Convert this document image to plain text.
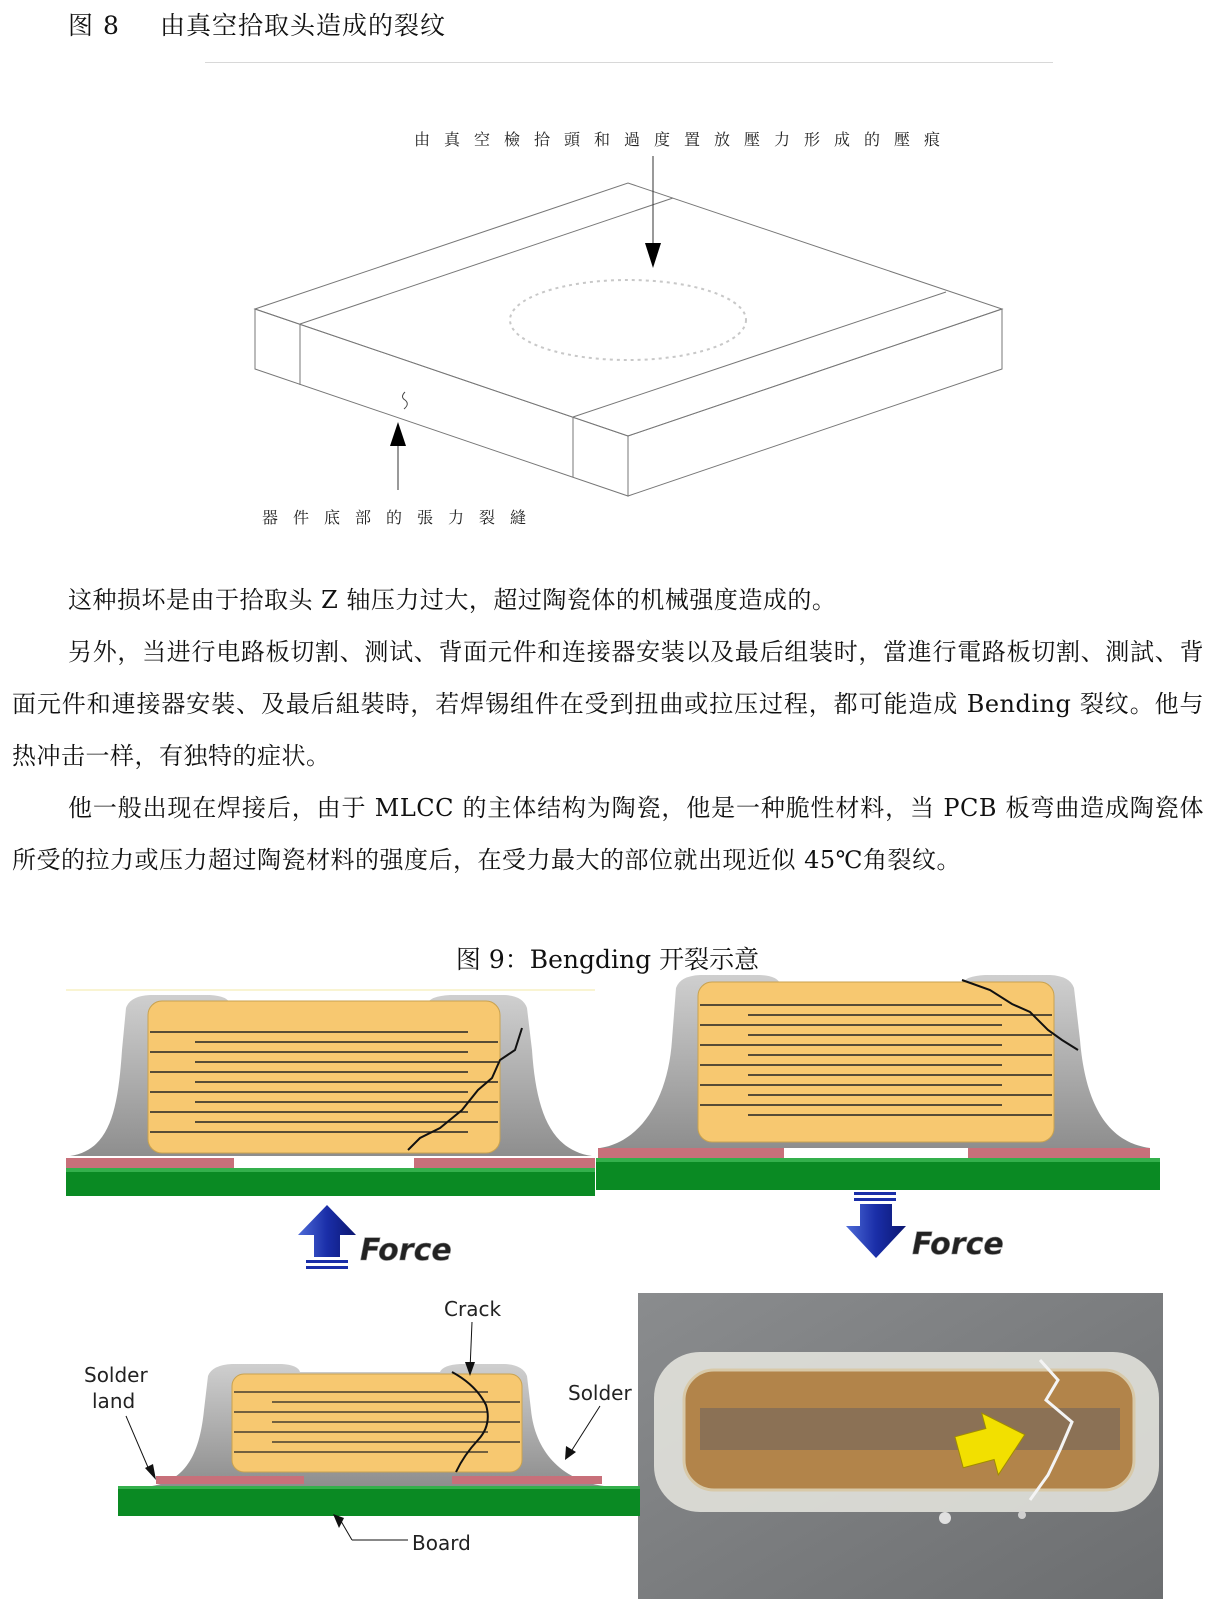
图 8 由真空拾取头造成的裂纹
由真空檢拾頭和過度置放壓力形成的壓痕
器件底部的張力裂縫
这种损坏是由于拾取头 Z 轴压力过大，超过陶瓷体的机械强度造成的。
另外，当进行电路板切割、测试、背面元件和连接器安装以及最后组装时，當進行電路板切割、測試、背面元件和連接器安裝、及最后組裝時，若焊锡组件在受到扭曲或拉压过程，都可能造成 Bending 裂纹。他与热冲击一样，有独特的症状。
他一般出现在焊接后，由于 MLCC 的主体结构为陶瓷，他是一种脆性材料，当 PCB 板弯曲造成陶瓷体所受的拉力或压力超过陶瓷材料的强度后，在受力最大的部位就出现近似 45℃角裂纹。
图 9：Bengding 开裂示意
Force	Force
Crack
Solder
land	Solder
Board
